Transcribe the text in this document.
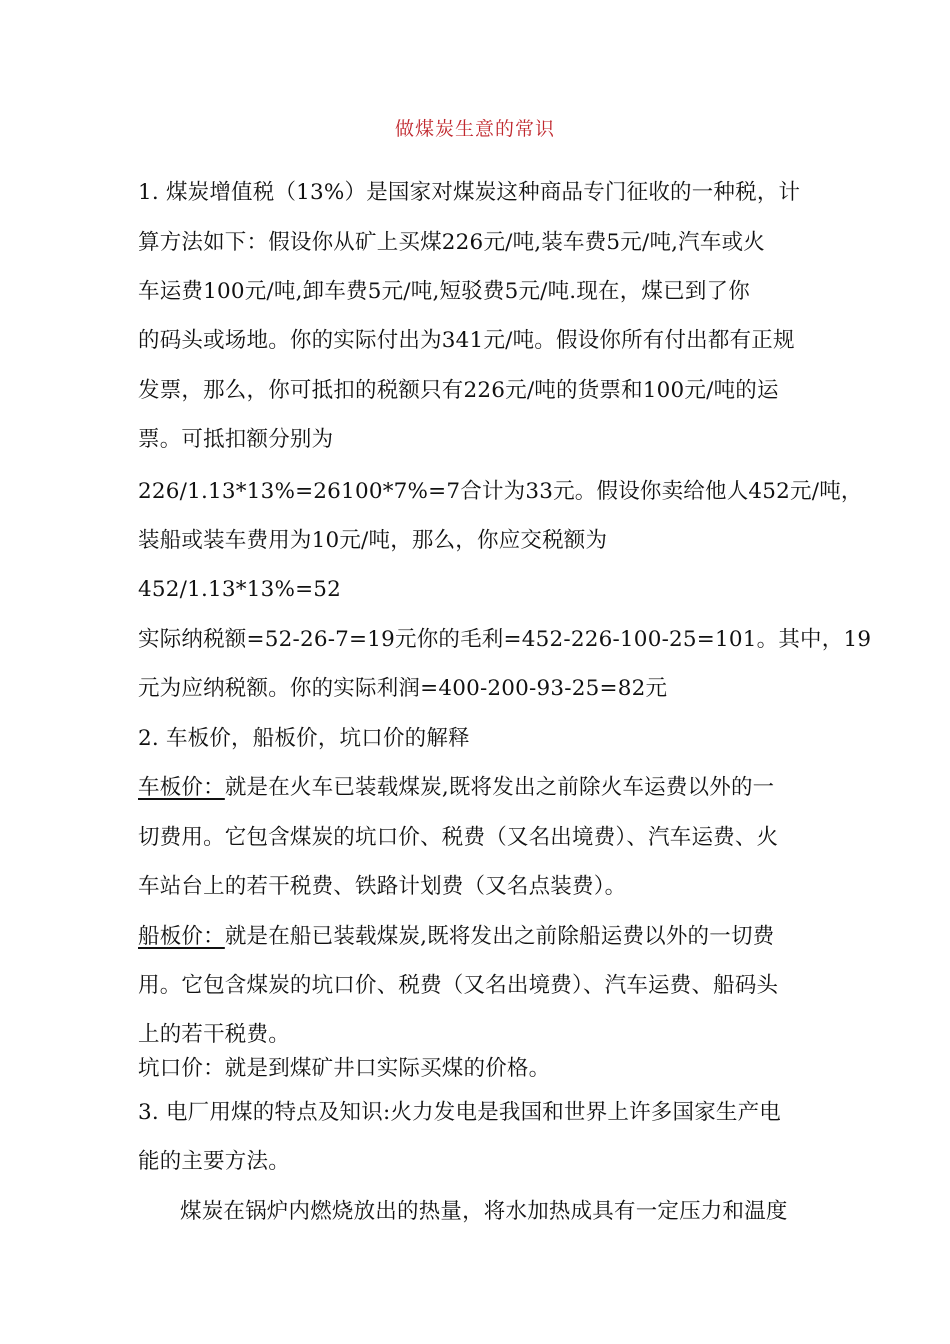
做煤炭生意的常识
1. 煤炭增值税（13%）是国家对煤炭这种商品专门征收的一种税，计
算方法如下：假设你从矿上买煤226元/吨,装车费5元/吨,汽车或火
车运费100元/吨,卸车费5元/吨,短驳费5元/吨.现在，煤已到了你
的码头或场地。你的实际付出为341元/吨。假设你所有付出都有正规
发票，那么，你可抵扣的税额只有226元/吨的货票和100元/吨的运
票。可抵扣额分别为
226/1.13*13%=26100*7%=7合计为33元。假设你卖给他人452元/吨，
装船或装车费用为10元/吨，那么，你应交税额为
452/1.13*13%=52
实际纳税额=52-26-7=19元你的毛利=452-226-100-25=101。其中，19
元为应纳税额。你的实际利润=400-200-93-25=82元
2. 车板价，船板价，坑口价的解释
车板价：就是在火车已装载煤炭,既将发出之前除火车运费以外的一
切费用。它包含煤炭的坑口价、税费（又名出境费）、汽车运费、火
车站台上的若干税费、铁路计划费（又名点装费）。
船板价：就是在船已装载煤炭,既将发出之前除船运费以外的一切费
用。它包含煤炭的坑口价、税费（又名出境费）、汽车运费、船码头
上的若干税费。
坑口价：就是到煤矿井口实际买煤的价格。
3. 电厂用煤的特点及知识:火力发电是我国和世界上许多国家生产电
能的主要方法。
煤炭在锅炉内燃烧放出的热量，将水加热成具有一定压力和温度
